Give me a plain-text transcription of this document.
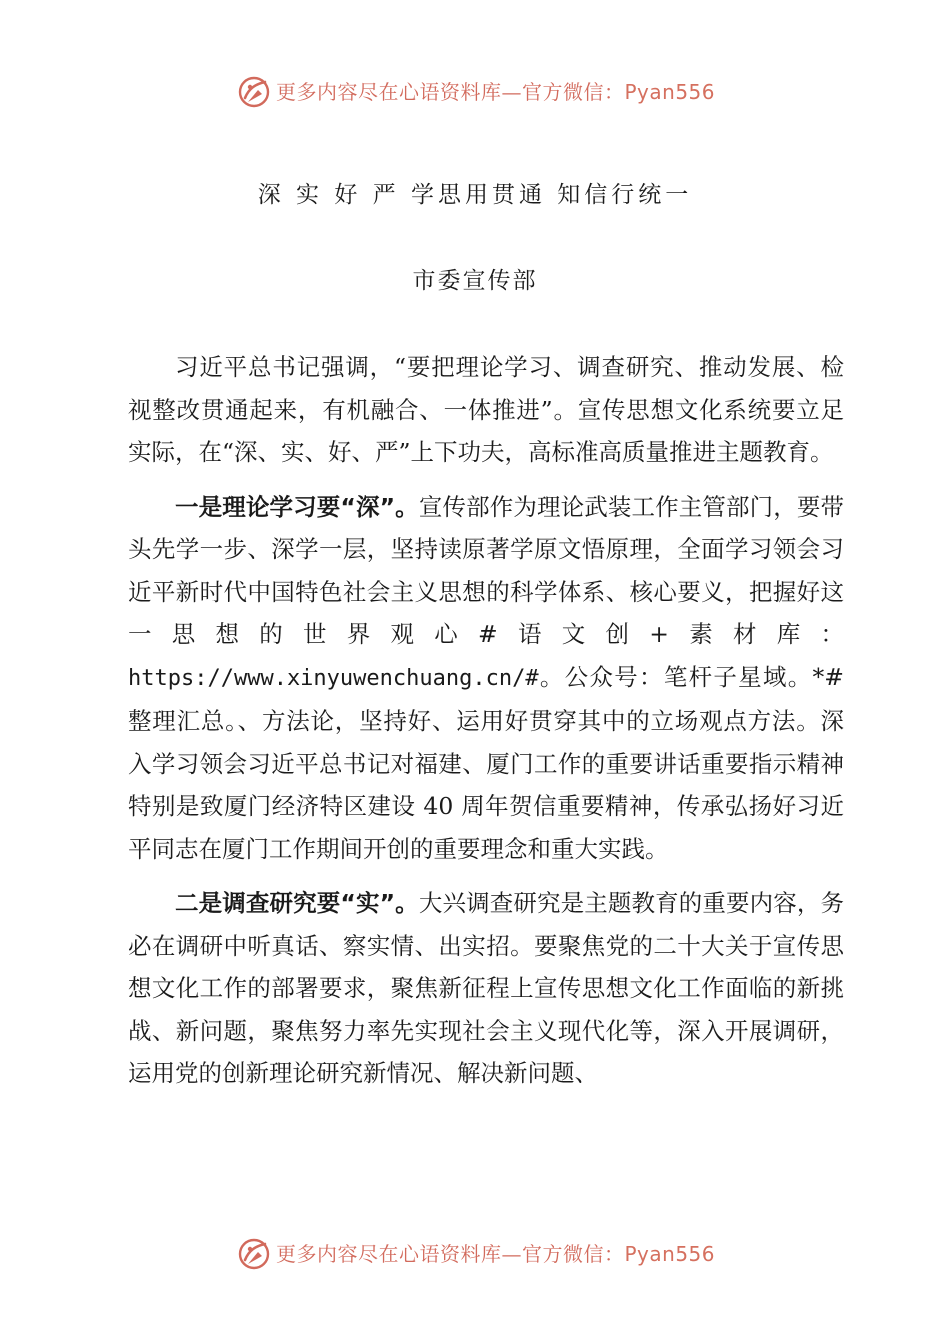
更多内容尽在心语资料库—官方微信：Pyan556
深 实 好 严 学思用贯通 知信行统一
市委宣传部

习近平总书记强调，“要把理论学习、调查研究、推动发展、检视整改贯通起来，有机融合、一体推进”。宣传思想文化系统要立足实际，在“深、实、好、严”上下功夫，高标准高质量推进主题教育。

一是理论学习要“深”。宣传部作为理论武装工作主管部门，要带头先学一步、深学一层，坚持读原著学原文悟原理，全面学习领会习近平新时代中国特色社会主义思想的科学体系、核心要义，把握好这一思想的世界观心#语文创+素材库：https://www.xinyuwenchuang.cn/#。公众号：笔杆子星域。*#整理汇总。、方法论，坚持好、运用好贯穿其中的立场观点方法。深入学习领会习近平总书记对福建、厦门工作的重要讲话重要指示精神特别是致厦门经济特区建设 40 周年贺信重要精神，传承弘扬好习近平同志在厦门工作期间开创的重要理念和重大实践。

二是调查研究要“实”。大兴调查研究是主题教育的重要内容，务必在调研中听真话、察实情、出实招。要聚焦党的二十大关于宣传思想文化工作的部署要求，聚焦新征程上宣传思想文化工作面临的新挑战、新问题，聚焦努力率先实现社会主义现代化等，深入开展调研，运用党的创新理论研究新情况、解决新问题、

更多内容尽在心语资料库—官方微信：Pyan556
